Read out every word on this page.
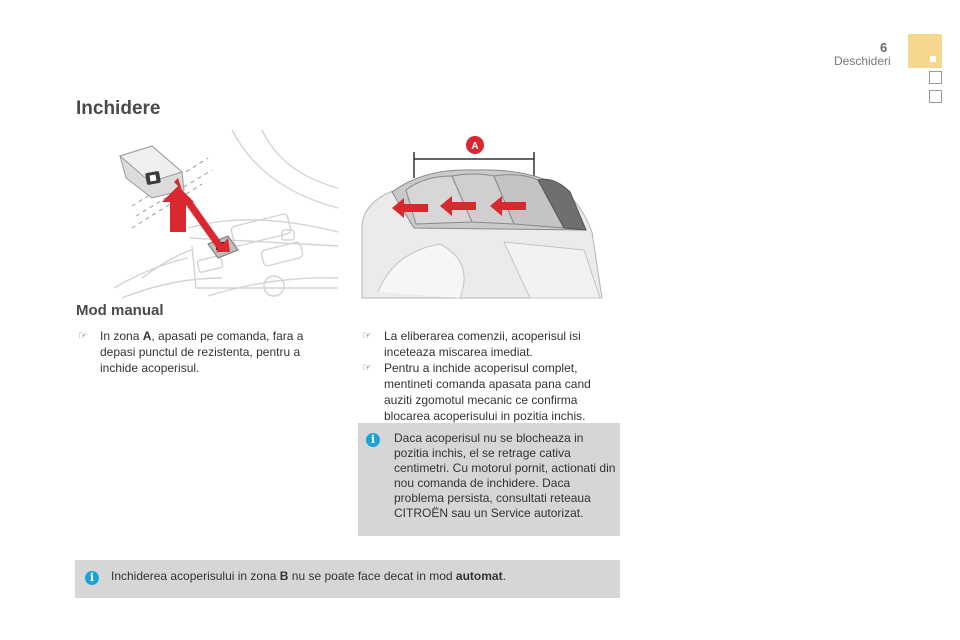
6
Deschideri
Inchidere
A
Mod manual
☞ In zona A, apasati pe comanda, fara a depasi punctul de rezistenta, pentru a inchide acoperisul.
☞ La eliberarea comenzii, acoperisul isi inceteaza miscarea imediat.
☞ Pentru a inchide acoperisul complet, mentineti comanda apasata pana cand auziti zgomotul mecanic ce confirma blocarea acoperisului in pozitia inchis.
i	Daca acoperisul nu se blocheaza in pozitia inchis, el se retrage cativa centimetri. Cu motorul pornit, actionati din nou comanda de inchidere. Daca problema persista, consultati reteaua CITROËN sau un Service autorizat.
i	Inchiderea acoperisului in zona B nu se poate face decat in mod automat.
